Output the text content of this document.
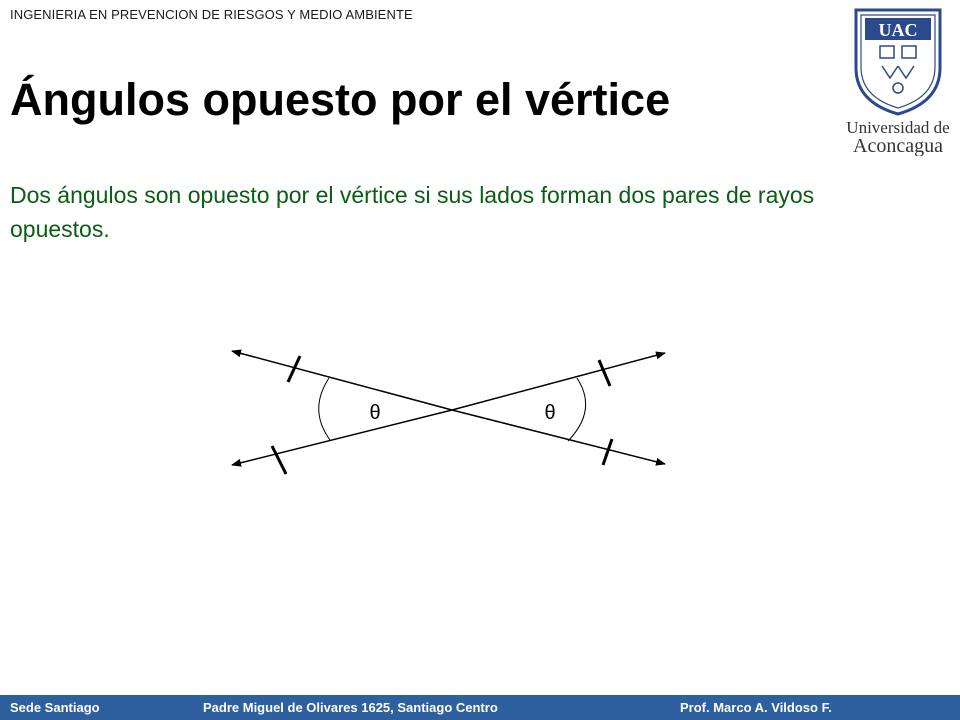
INGENIERIA EN PREVENCION DE RIESGOS Y MEDIO AMBIENTE
Ángulos opuesto por el vértice

Dos ángulos son opuesto por el vértice si sus lados forman dos pares de rayos opuestos.

UAC
Universidad de
Aconcagua
θ	θ
Sede Santiago	Padre Miguel de Olivares 1625, Santiago Centro	Prof. Marco A. Vildoso F.
